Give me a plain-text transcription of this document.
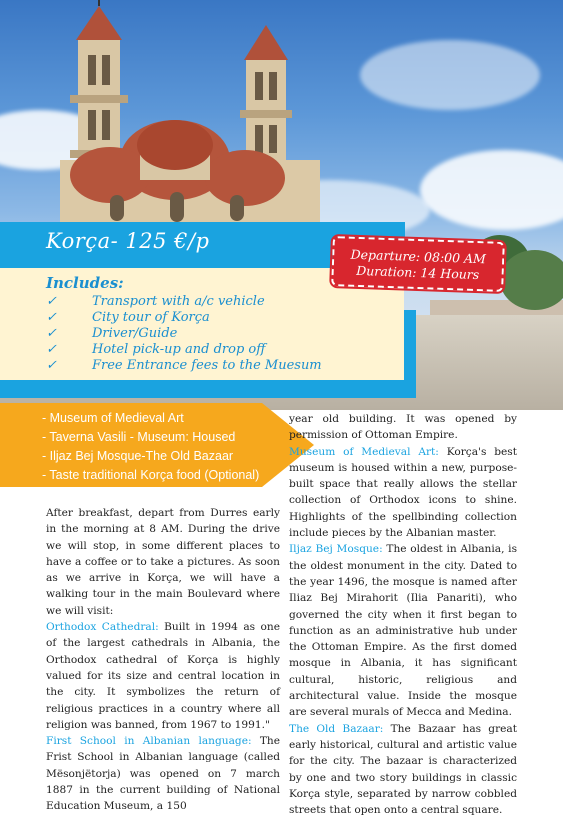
Korça- 125 €/p
Includes:
✓	Transport with a/c vehicle
✓	City tour of Korça
✓	Driver/Guide
✓	Hotel pick-up and drop off
✓	Free Entrance fees to the Muesum
Departure: 08:00 AM
Duration: 14 Hours
- Museum of Medieval Art
- Taverna Vasili - Museum: Housed
- Iljaz Bej Mosque-The Old Bazaar
- Taste traditional Korça food (Optional)

After breakfast, depart from Durres early in the morning at 8 AM. During the drive we will stop, in some different places to have a coffee or to take a pictures. As soon as we arrive in Korça, we will have a walking tour in the main Boulevard where we will visit:

Orthodox Cathedral: Built in 1994 as one of the largest cathedrals in Albania, the Orthodox cathedral of Korça is highly valued for its size and central location in the city. It symbolizes the return of religious practices in a country where all religion was banned, from 1967 to 1991."

First School in Albanian language: The Frist School in Albanian language (called Mësonjëtorja) was opened on 7 march 1887 in the current building of National Education Museum, a 150

year old building. It was opened by permission of Ottoman Empire.

Museum of Medieval Art: Korça's best museum is housed within a new, purpose-built space that really allows the stellar collection of Orthodox icons to shine. Highlights of the spellbinding collection include pieces by the Albanian master.

Iljaz Bej Mosque: The oldest in Albania, is the oldest monument in the city. Dated to the year 1496, the mosque is named after Iliaz Bej Mirahorit (Ilia Panariti), who governed the city when it first began to function as an administrative hub under the Ottoman Empire. As the first domed mosque in Albania, it has significant cultural, historic, religious and architectural value. Inside the mosque are several murals of Mecca and Medina.

The Old Bazaar: The Bazaar has great early historical, cultural and artistic value for the city. The bazaar is characterized by one and two story buildings in classic Korça style, separated by narrow cobbled streets that open onto a central square.
